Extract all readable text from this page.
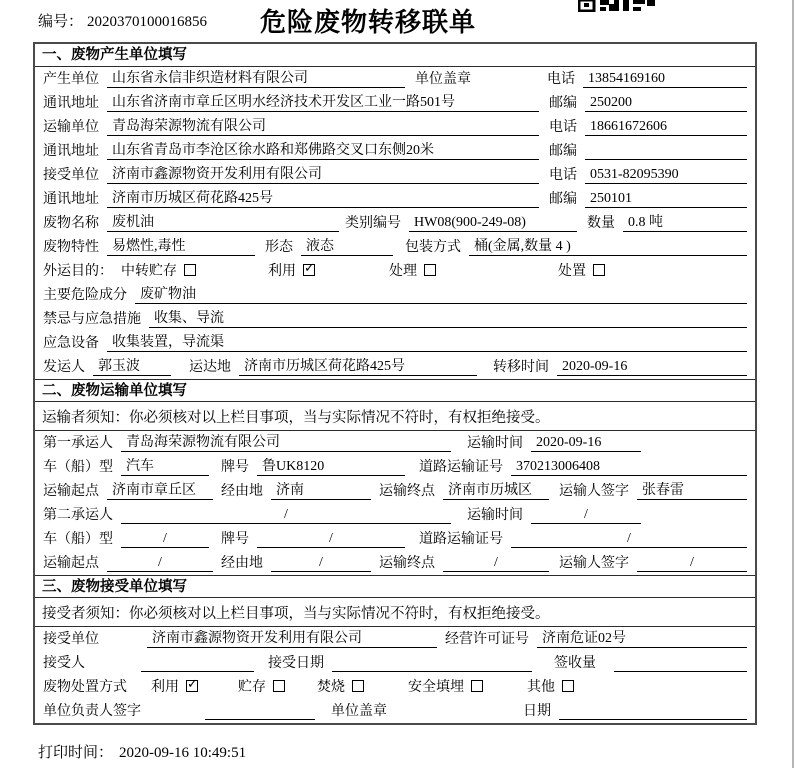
编号： 2020370100016856	危险废物转移联单
一、废物产生单位填写
产生单位 山东省永信非织造材料有限公司	单位盖章	电话 13854169160
通讯地址 山东省济南市章丘区明水经济技术开发区工业一路501号	邮编 250200
运输单位 青岛海荣源物流有限公司	电话 18661672606
通讯地址 山东省青岛市李沧区徐水路和郑佛路交叉口东侧20米	邮编
接受单位 济南市鑫源物资开发利用有限公司	电话 0531-82095390
通讯地址 济南市历城区荷花路425号	邮编 250101
废物名称 废机油	类别编号 HW08(900-249-08)	数量 0.8 吨
废物特性 易燃性,毒性	形态 液态	包装方式 桶(金属,数量 4 )
外运目的： 中转贮存	利用 ✓	处理	处置
主要危险成分 废矿物油
禁忌与应急措施 收集、导流
应急设备 收集装置，导流渠
发运人 郭玉波	运达地 济南市历城区荷花路425号	转移时间 2020-09-16
二、废物运输单位填写
运输者须知：你必须核对以上栏目事项，当与实际情况不符时，有权拒绝接受。
第一承运人 青岛海荣源物流有限公司	运输时间 2020-09-16
车（船）型 汽车	牌号 鲁UK8120	道路运输证号 370213006408
运输起点 济南市章丘区	经由地 济南	运输终点 济南市历城区	运输人签字 张春雷
第二承运人	/	运输时间	/
车（船）型	/	牌号	/	道路运输证号	/
运输起点	/	经由地	/	运输终点	/	运输人签字	/
三、废物接受单位填写
接受者须知：你必须核对以上栏目事项，当与实际情况不符时，有权拒绝接受。
接受单位	济南市鑫源物资开发利用有限公司	经营许可证号 济南危证02号
接受人	接受日期	签收量
废物处置方式 利用 ✓	贮存	焚烧	安全填埋	其他
单位负责人签字	单位盖章	日期
打印时间： 2020-09-16 10:49:51
